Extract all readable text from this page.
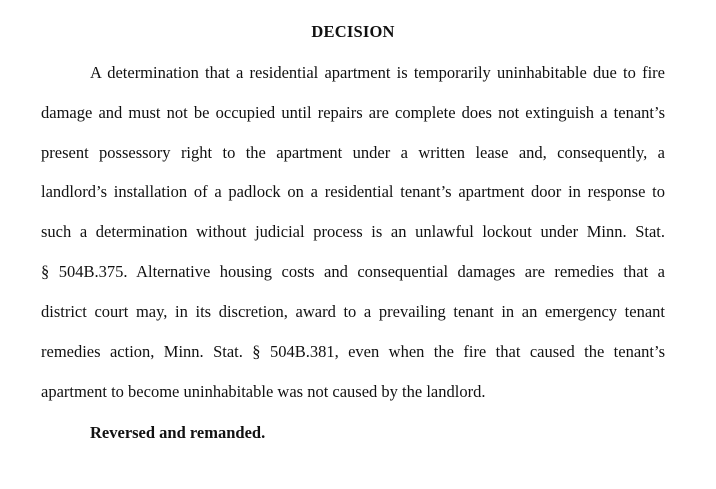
DECISION
A determination that a residential apartment is temporarily uninhabitable due to fire
damage and must not be occupied until repairs are complete does not extinguish a tenant’s
present possessory right to the apartment under a written lease and, consequently, a
landlord’s installation of a padlock on a residential tenant’s apartment door in response to
such a determination without judicial process is an unlawful lockout under Minn. Stat.
§ 504B.375. Alternative housing costs and consequential damages are remedies that a
district court may, in its discretion, award to a prevailing tenant in an emergency tenant
remedies action, Minn. Stat. § 504B.381, even when the fire that caused the tenant’s
apartment to become uninhabitable was not caused by the landlord.
Reversed and remanded.
